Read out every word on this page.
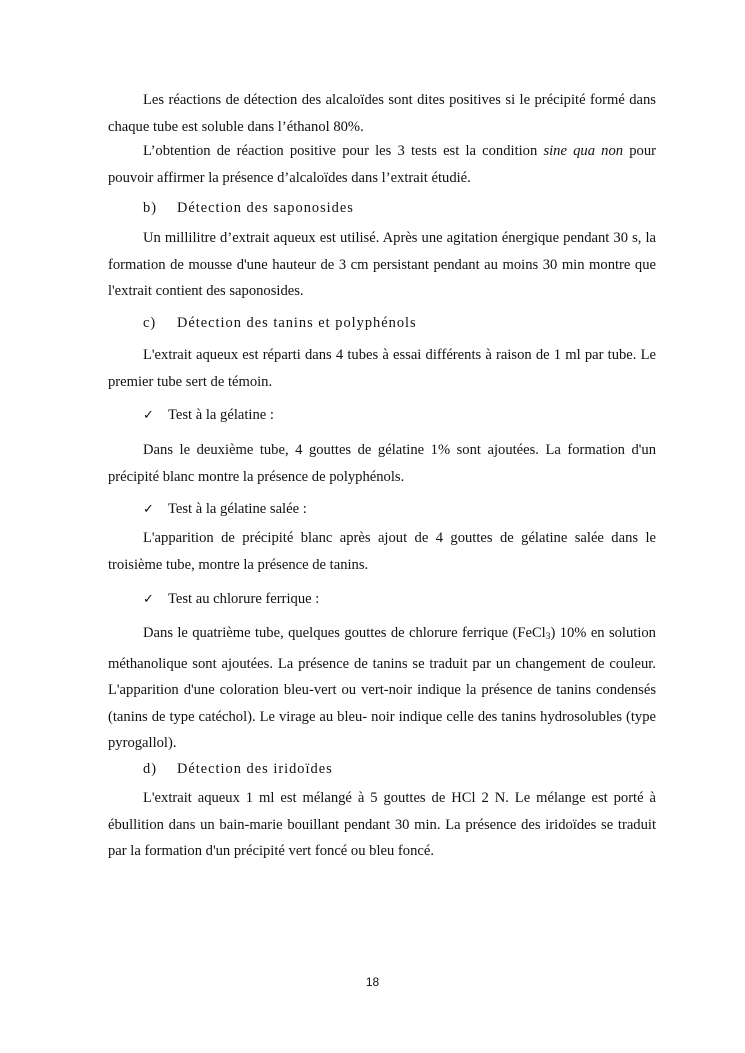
Les réactions de détection des alcaloïdes sont dites positives si le précipité formé dans chaque tube est soluble dans l’éthanol 80%.

L’obtention de réaction positive pour les 3 tests est la condition sine qua non pour pouvoir affirmer la présence d’alcaloïdes dans l’extrait étudié.

b) Détection des saponosides

Un millilitre d’extrait aqueux est utilisé. Après une agitation énergique pendant 30 s, la formation de mousse d'une hauteur de 3 cm persistant pendant au moins 30 min montre que l'extrait contient des saponosides.

c) Détection des tanins et polyphénols

L'extrait aqueux est réparti dans 4 tubes à essai différents à raison de 1 ml par tube. Le premier tube sert de témoin.

✓ Test à la gélatine :

Dans le deuxième tube, 4 gouttes de gélatine 1% sont ajoutées. La formation d'un précipité blanc montre la présence de polyphénols.

✓ Test à la gélatine salée :

L'apparition de précipité blanc après ajout de 4 gouttes de gélatine salée dans le troisième tube, montre la présence de tanins.

✓ Test au chlorure ferrique :

Dans le quatrième tube, quelques gouttes de chlorure ferrique (FeCl$_3$) 10% en solution méthanolique sont ajoutées. La présence de tanins se traduit par un changement de couleur. L'apparition d'une coloration bleu-vert ou vert-noir indique la présence de tanins condensés (tanins de type catéchol). Le virage au bleu- noir indique celle des tanins hydrosolubles (type pyrogallol).

d) Détection des iridoïdes

L'extrait aqueux 1 ml est mélangé à 5 gouttes de HCl 2 N. Le mélange est porté à ébullition dans un bain-marie bouillant pendant 30 min. La présence des iridoïdes se traduit par la formation d'un précipité vert foncé ou bleu foncé.

18
